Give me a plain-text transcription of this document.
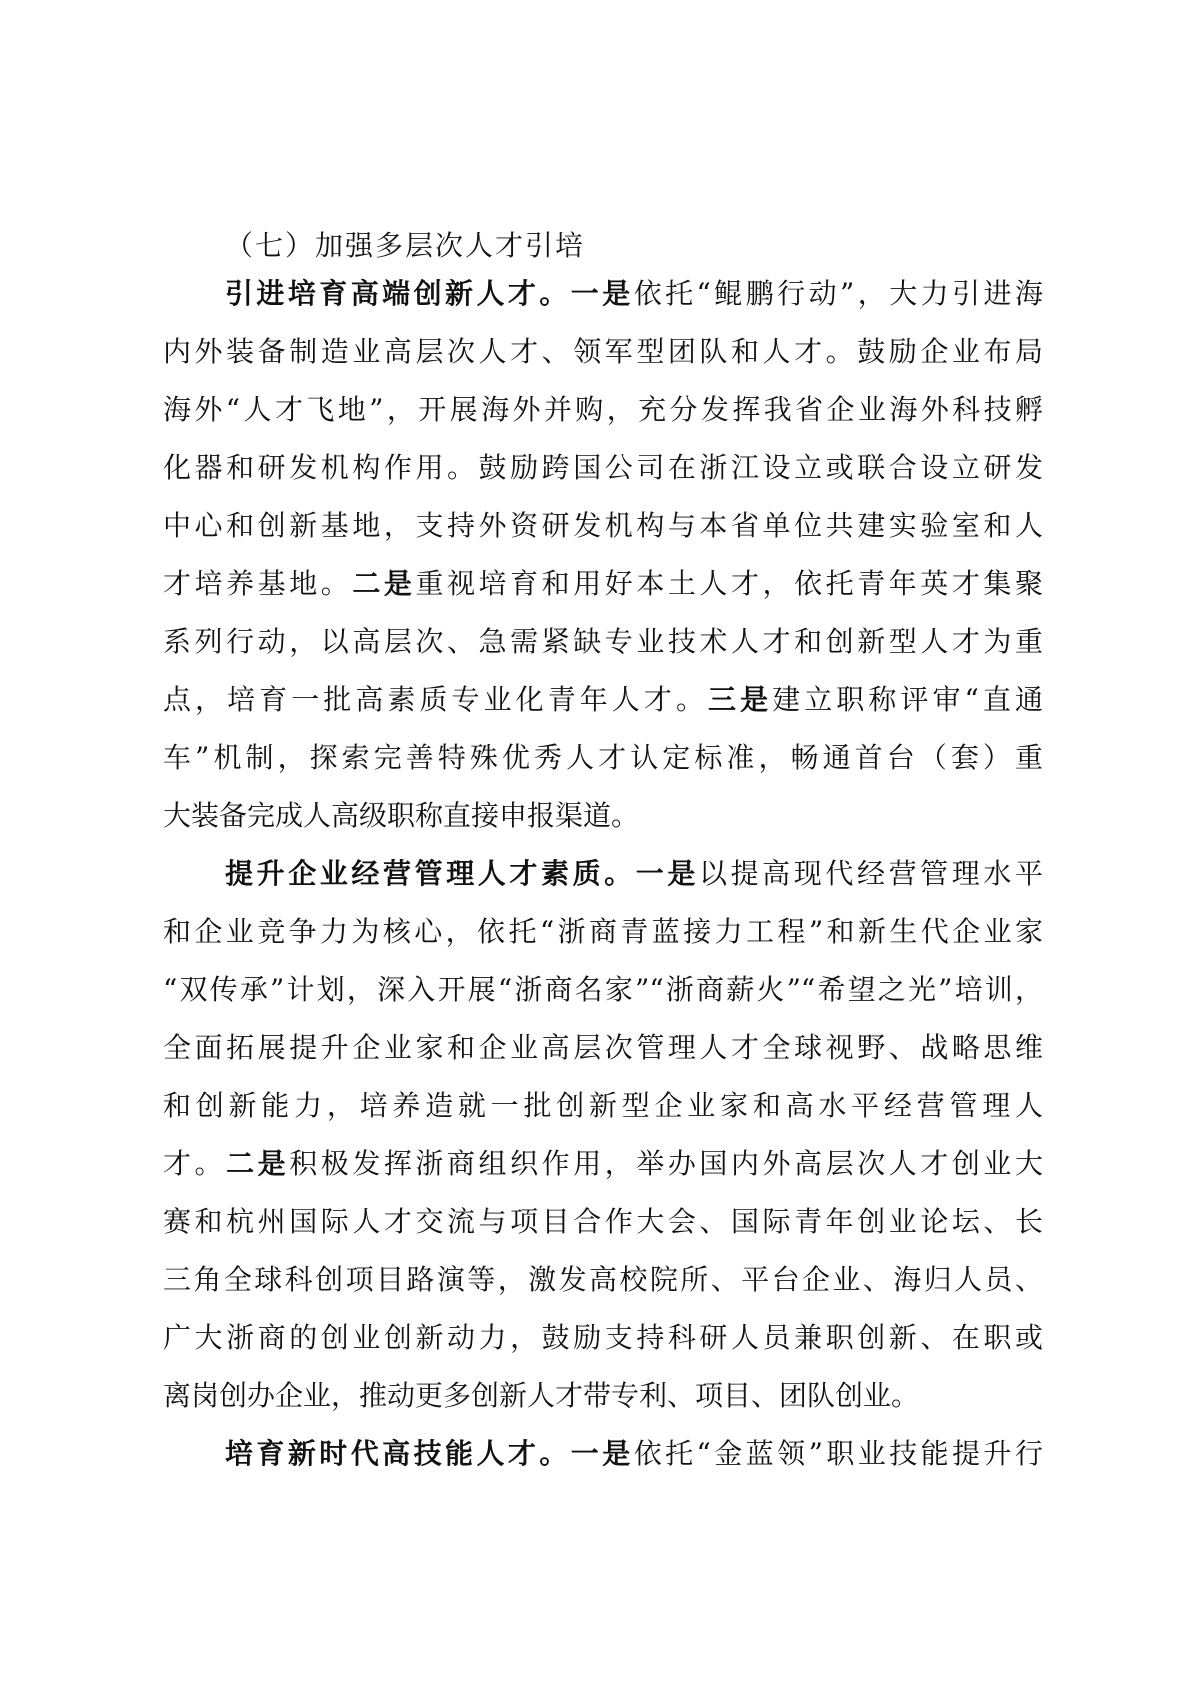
（七）加强多层次人才引培
引进培育高端创新人才。一是依托“鲲鹏行动”，大力引进海
内外装备制造业高层次人才、领军型团队和人才。鼓励企业布局
海外“人才飞地”，开展海外并购，充分发挥我省企业海外科技孵
化器和研发机构作用。鼓励跨国公司在浙江设立或联合设立研发
中心和创新基地，支持外资研发机构与本省单位共建实验室和人
才培养基地。二是重视培育和用好本土人才，依托青年英才集聚
系列行动，以高层次、急需紧缺专业技术人才和创新型人才为重
点，培育一批高素质专业化青年人才。三是建立职称评审“直通
车”机制，探索完善特殊优秀人才认定标准，畅通首台（套）重
大装备完成人高级职称直接申报渠道。
提升企业经营管理人才素质。一是以提高现代经营管理水平
和企业竞争力为核心，依托“浙商青蓝接力工程”和新生代企业家
“双传承”计划，深入开展“浙商名家”“浙商薪火”“希望之光”培训，
全面拓展提升企业家和企业高层次管理人才全球视野、战略思维
和创新能力，培养造就一批创新型企业家和高水平经营管理人
才。二是积极发挥浙商组织作用，举办国内外高层次人才创业大
赛和杭州国际人才交流与项目合作大会、国际青年创业论坛、长
三角全球科创项目路演等，激发高校院所、平台企业、海归人员、
广大浙商的创业创新动力，鼓励支持科研人员兼职创新、在职或
离岗创办企业，推动更多创新人才带专利、项目、团队创业。
培育新时代高技能人才。一是依托“金蓝领”职业技能提升行
